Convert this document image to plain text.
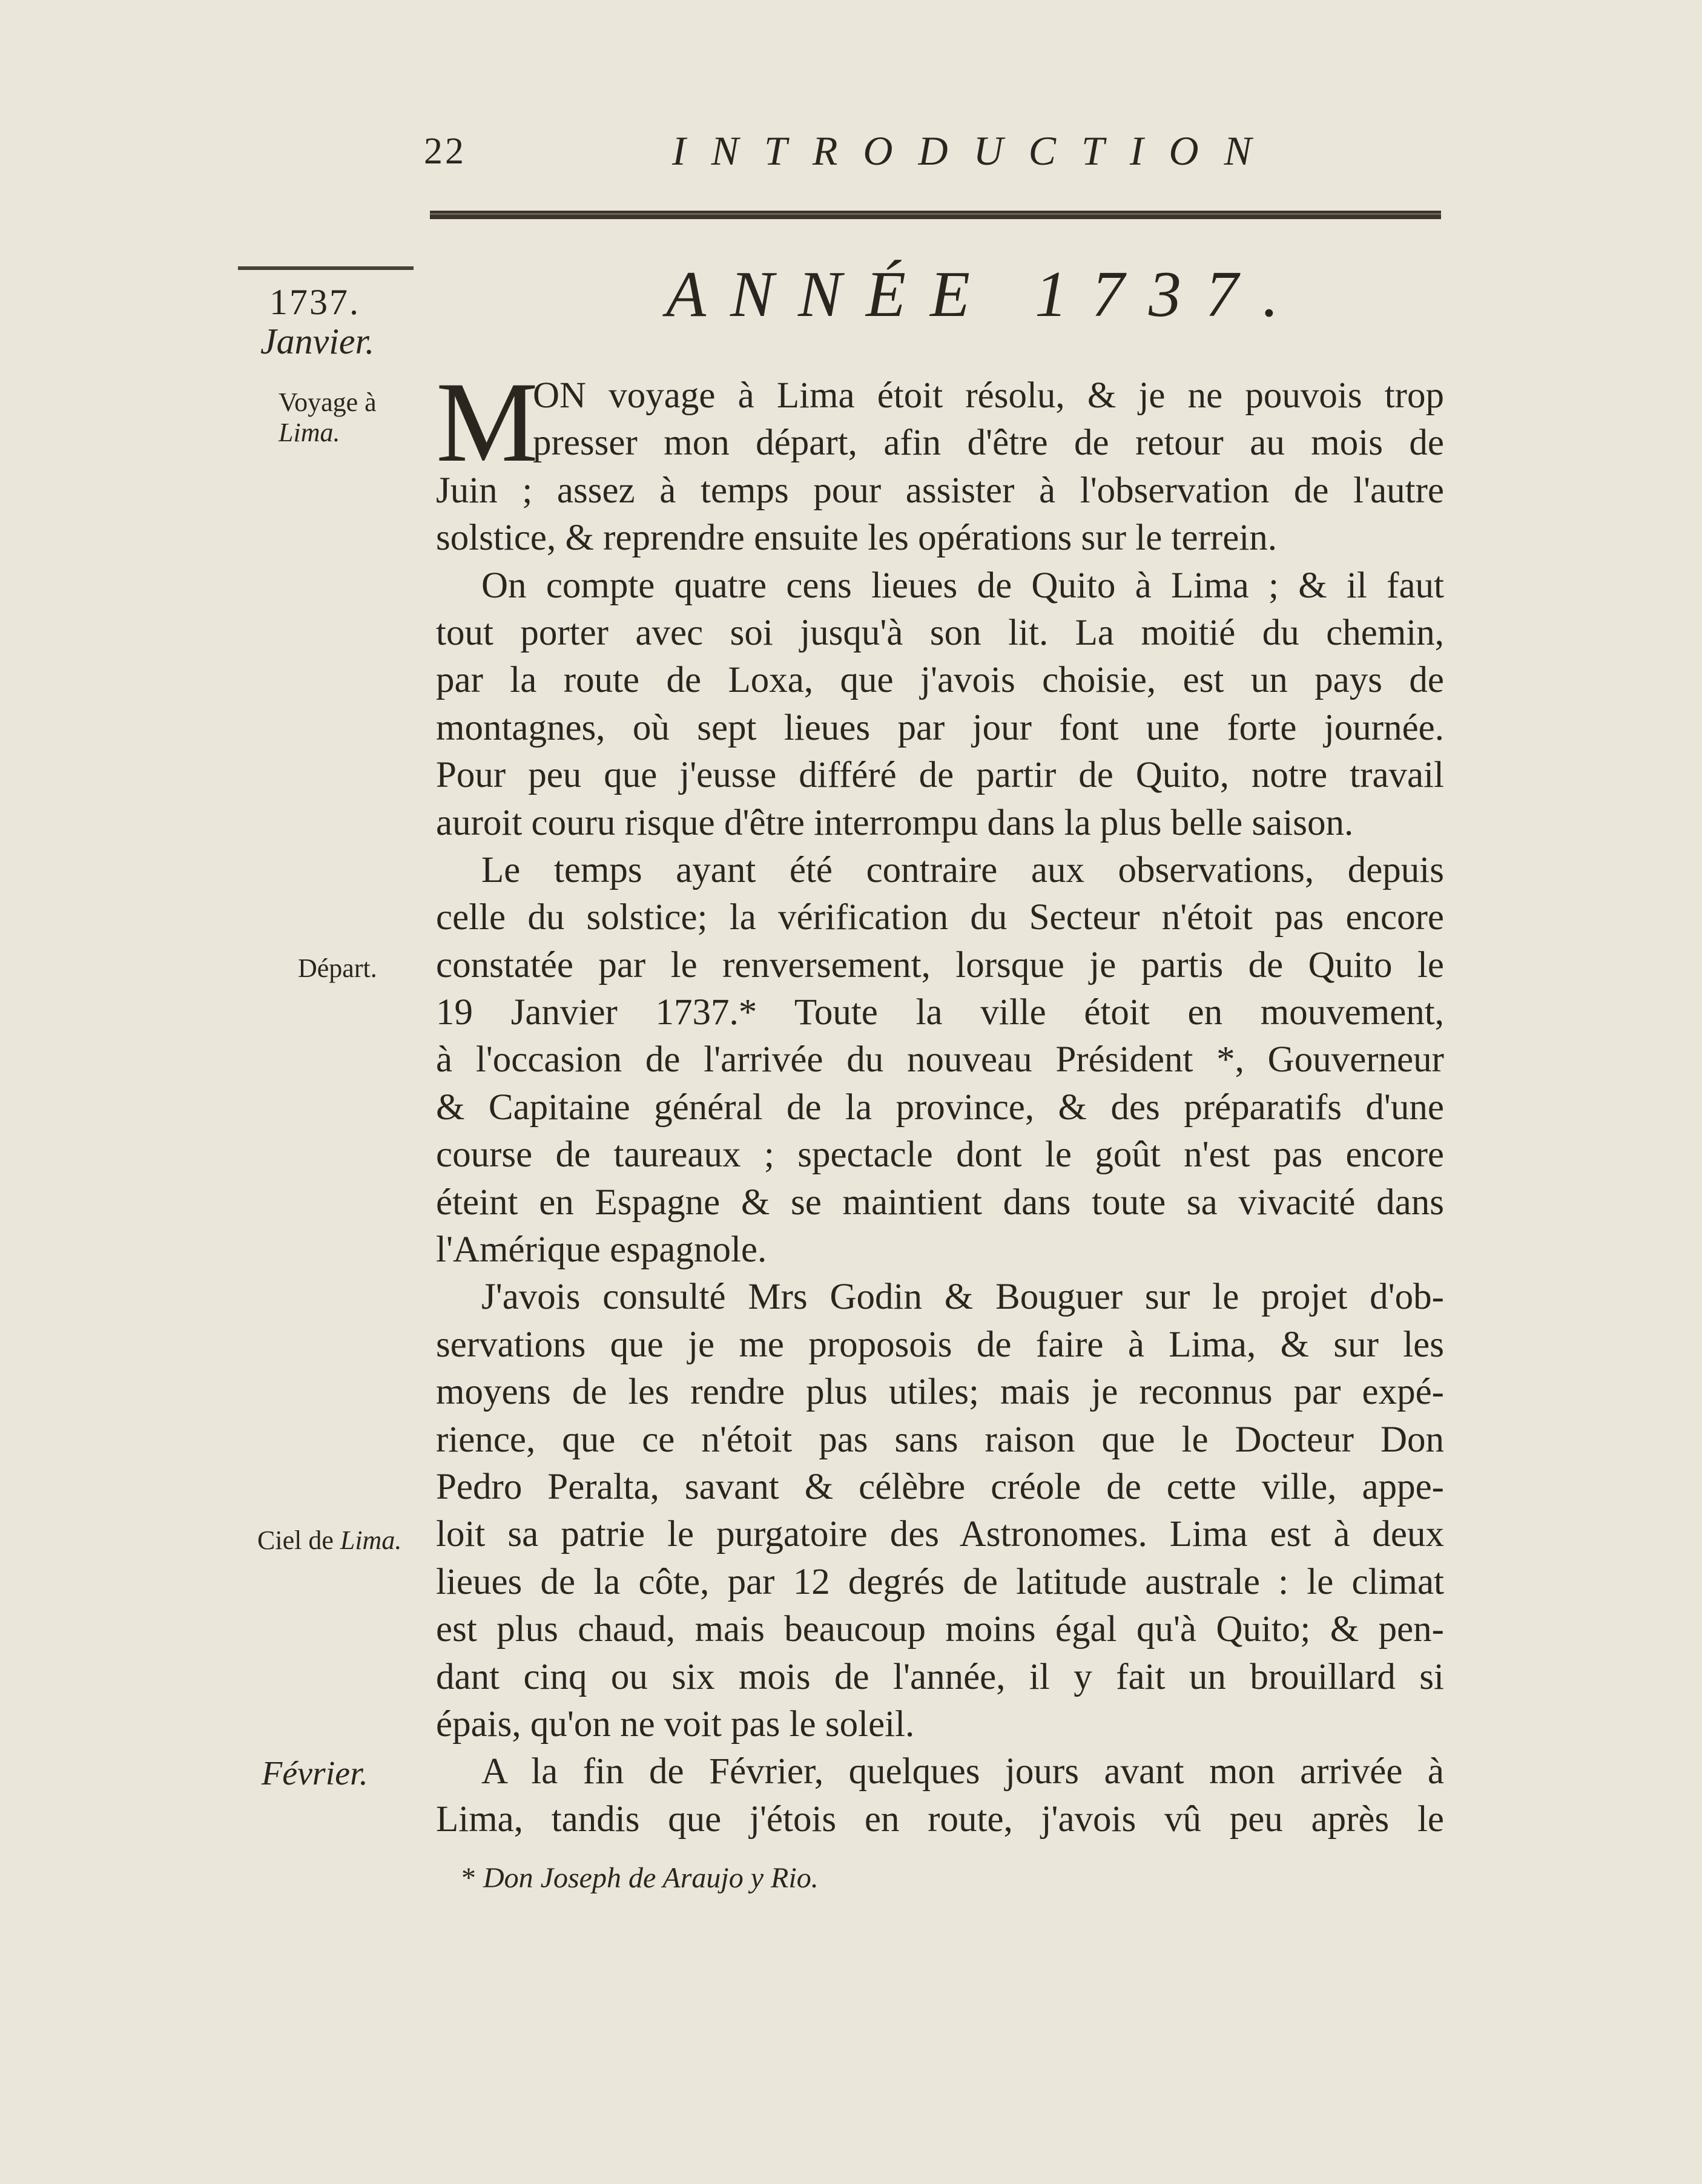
22	INTRODUCTION
1737.
Janvier.
Voyage à
Lima.
Départ.
Ciel de Lima.
Février.
ANNÉE 1737.
M
ON voyage à Lima étoit résolu, & je ne pouvois trop
presser mon départ, afin d'être de retour au mois de
Juin ; assez à temps pour assister à l'observation de l'autre
solstice, & reprendre ensuite les opérations sur le terrein.
On compte quatre cens lieues de Quito à Lima ; & il faut
tout porter avec soi jusqu'à son lit. La moitié du chemin,
par la route de Loxa, que j'avois choisie, est un pays de
montagnes, où sept lieues par jour font une forte journée.
Pour peu que j'eusse différé de partir de Quito, notre travail
auroit couru risque d'être interrompu dans la plus belle saison.
Le temps ayant été contraire aux observations, depuis
celle du solstice; la vérification du Secteur n'étoit pas encore
constatée par le renversement, lorsque je partis de Quito le
19 Janvier 1737.* Toute la ville étoit en mouvement,
à l'occasion de l'arrivée du nouveau Président *, Gouverneur
& Capitaine général de la province, & des préparatifs d'une
course de taureaux ; spectacle dont le goût n'est pas encore
éteint en Espagne & se maintient dans toute sa vivacité dans
l'Amérique espagnole.
J'avois consulté Mrs Godin & Bouguer sur le projet d'ob-
servations que je me proposois de faire à Lima, & sur les
moyens de les rendre plus utiles; mais je reconnus par expé-
rience, que ce n'étoit pas sans raison que le Docteur Don
Pedro Peralta, savant & célèbre créole de cette ville, appe-
loit sa patrie le purgatoire des Astronomes. Lima est à deux
lieues de la côte, par 12 degrés de latitude australe : le climat
est plus chaud, mais beaucoup moins égal qu'à Quito; & pen-
dant cinq ou six mois de l'année, il y fait un brouillard si
épais, qu'on ne voit pas le soleil.
A la fin de Février, quelques jours avant mon arrivée à
Lima, tandis que j'étois en route, j'avois vû peu après le
* Don Joseph de Araujo y Rio.
